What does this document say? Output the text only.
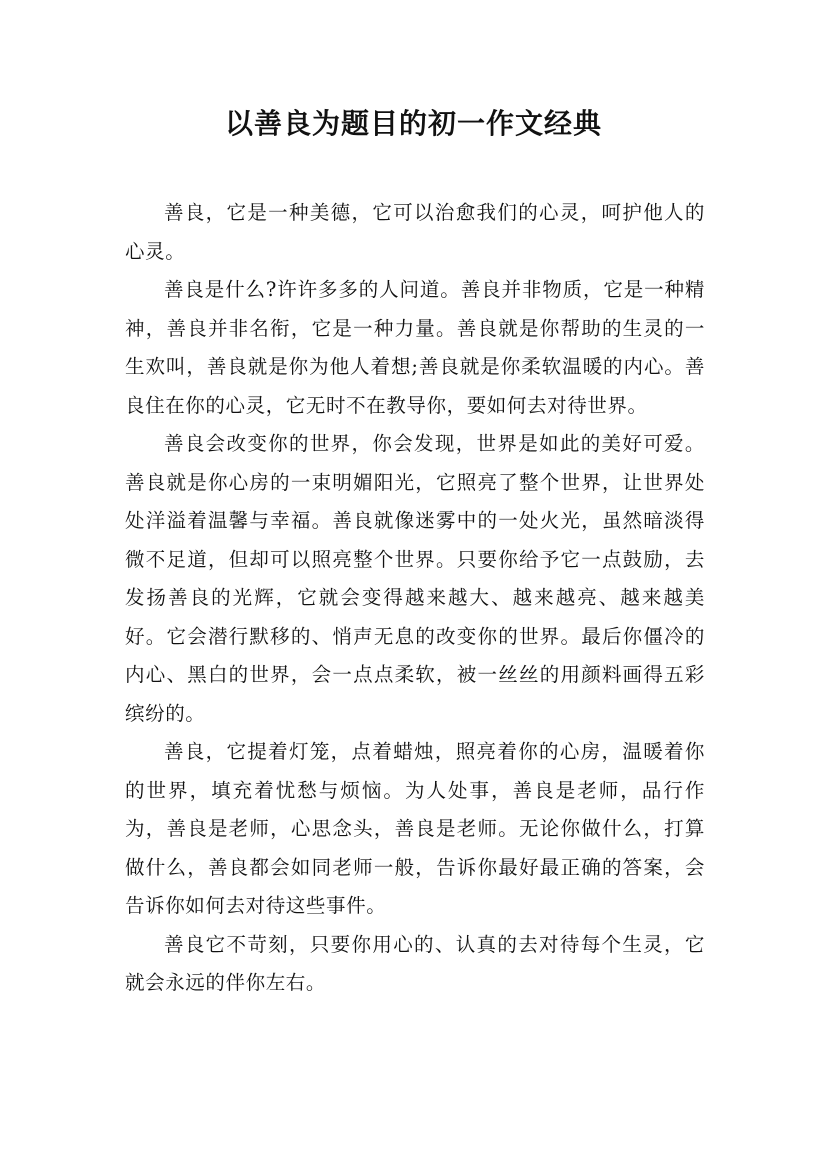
以善良为题目的初一作文经典

善良，它是一种美德，它可以治愈我们的心灵，呵护他人的心灵。

善良是什么?许许多多的人问道。善良并非物质，它是一种精神，善良并非名衔，它是一种力量。善良就是你帮助的生灵的一生欢叫，善良就是你为他人着想;善良就是你柔软温暖的内心。善良住在你的心灵，它无时不在教导你，要如何去对待世界。

善良会改变你的世界，你会发现，世界是如此的美好可爱。善良就是你心房的一束明媚阳光，它照亮了整个世界，让世界处处洋溢着温馨与幸福。善良就像迷雾中的一处火光，虽然暗淡得微不足道，但却可以照亮整个世界。只要你给予它一点鼓励，去发扬善良的光辉，它就会变得越来越大、越来越亮、越来越美好。它会潜行默移的、悄声无息的改变你的世界。最后你僵冷的内心、黑白的世界，会一点点柔软，被一丝丝的用颜料画得五彩缤纷的。

善良，它提着灯笼，点着蜡烛，照亮着你的心房，温暖着你的世界，填充着忧愁与烦恼。为人处事，善良是老师，品行作为，善良是老师，心思念头，善良是老师。无论你做什么，打算做什么，善良都会如同老师一般，告诉你最好最正确的答案，会告诉你如何去对待这些事件。

善良它不苛刻，只要你用心的、认真的去对待每个生灵，它就会永远的伴你左右。
